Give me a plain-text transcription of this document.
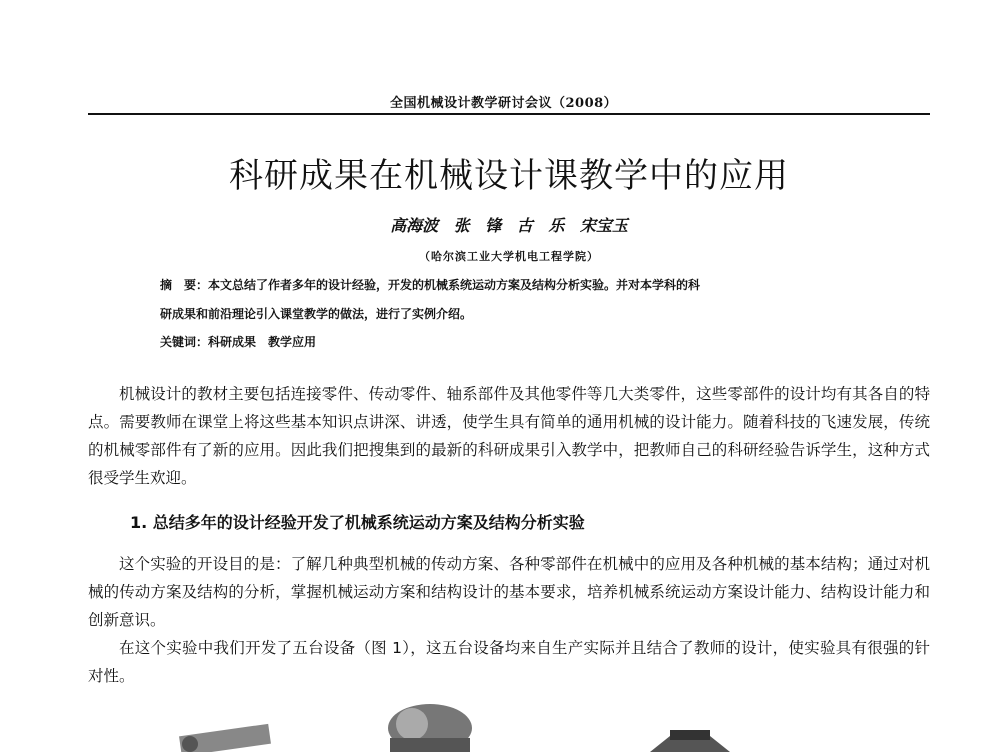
全国机械设计教学研讨会议（2008）
科研成果在机械设计课教学中的应用
高海波 张 锋 古 乐 宋宝玉
（哈尔滨工业大学机电工程学院）
摘　要：本文总结了作者多年的设计经验，开发的机械系统运动方案及结构分析实验。并对本学科的科
研成果和前沿理论引入课堂教学的做法，进行了实例介绍。
关键词：科研成果　教学应用
机械设计的教材主要包括连接零件、传动零件、轴系部件及其他零件等几大类零件，这些零部件的设计均有其各自的特点。需要教师在课堂上将这些基本知识点讲深、讲透，使学生具有简单的通用机械的设计能力。随着科技的飞速发展，传统的机械零部件有了新的应用。因此我们把搜集到的最新的科研成果引入教学中，把教师自己的科研经验告诉学生，这种方式很受学生欢迎。
1. 总结多年的设计经验开发了机械系统运动方案及结构分析实验
这个实验的开设目的是：了解几种典型机械的传动方案、各种零部件在机械中的应用及各种机械的基本结构；通过对机械的传动方案及结构的分析，掌握机械运动方案和结构设计的基本要求，培养机械系统运动方案设计能力、结构设计能力和创新意识。
在这个实验中我们开发了五台设备（图 1），这五台设备均来自生产实际并且结合了教师的设计，使实验具有很强的针对性。
